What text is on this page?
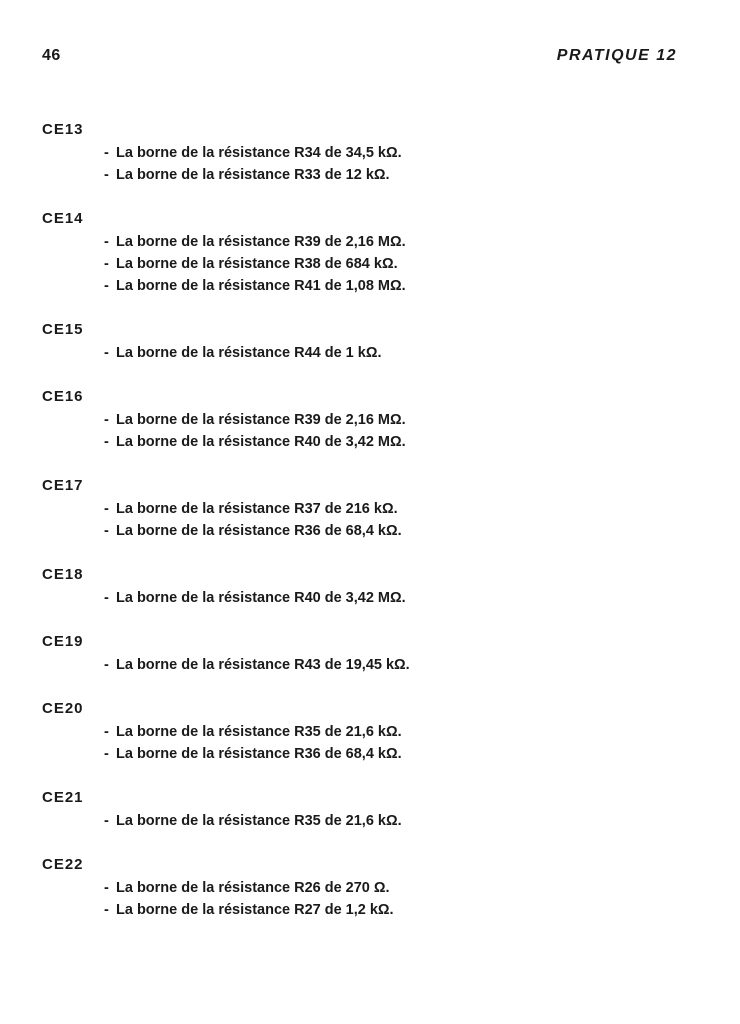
46	PRATIQUE 12
CE13
- La borne de la résistance R34 de 34,5 kΩ.
- La borne de la résistance R33 de 12 kΩ.
CE14
- La borne de la résistance R39 de 2,16 MΩ.
- La borne de la résistance R38 de 684 kΩ.
- La borne de la résistance R41 de 1,08 MΩ.
CE15
- La borne de la résistance R44 de 1 kΩ.
CE16
- La borne de la résistance R39 de 2,16 MΩ.
- La borne de la résistance R40 de 3,42 MΩ.
CE17
- La borne de la résistance R37 de 216 kΩ.
- La borne de la résistance R36 de 68,4 kΩ.
CE18
- La borne de la résistance R40 de 3,42 MΩ.
CE19
- La borne de la résistance R43 de 19,45 kΩ.
CE20
- La borne de la résistance R35 de 21,6 kΩ.
- La borne de la résistance R36 de 68,4 kΩ.
CE21
- La borne de la résistance R35 de 21,6 kΩ.
CE22
- La borne de la résistance R26 de 270 Ω.
- La borne de la résistance R27 de 1,2 kΩ.
